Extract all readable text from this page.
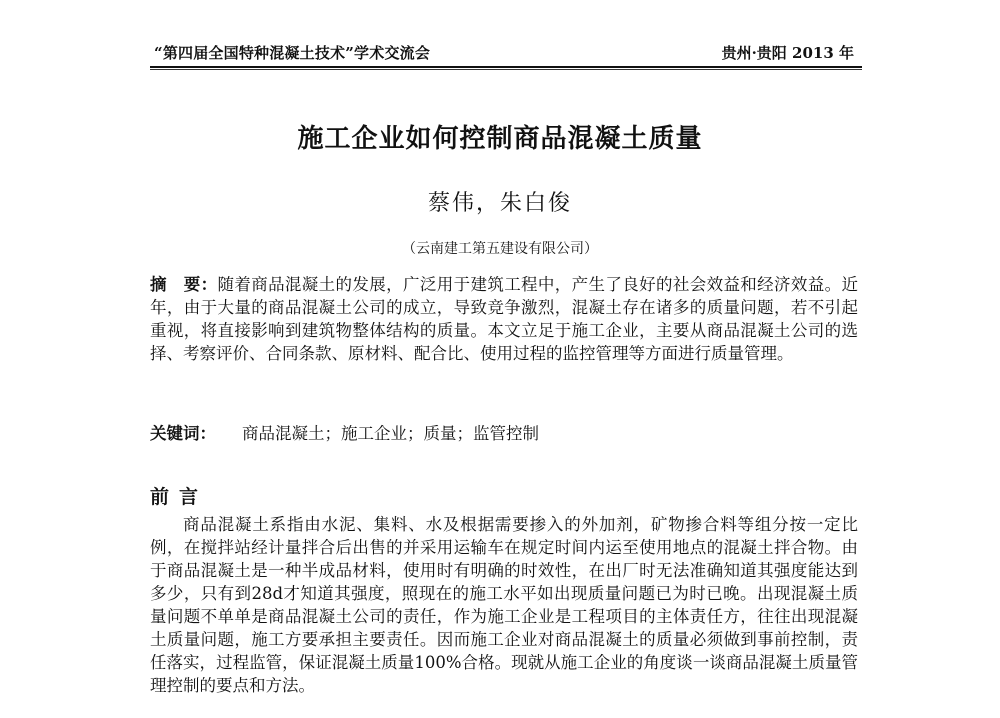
“第四届全国特种混凝土技术”学术交流会	贵州·贵阳 2013 年
施工企业如何控制商品混凝土质量
蔡伟，朱白俊
（云南建工第五建设有限公司）
摘　要：随着商品混凝土的发展，广泛用于建筑工程中，产生了良好的社会效益和经济效益。近年，由于大量的商品混凝土公司的成立，导致竞争激烈，混凝土存在诸多的质量问题，若不引起重视，将直接影响到建筑物整体结构的质量。本文立足于施工企业，主要从商品混凝土公司的选择、考察评价、合同条款、原材料、配合比、使用过程的监控管理等方面进行质量管理。
关键词： 商品混凝土；施工企业；质量；监管控制
前言
商品混凝土系指由水泥、集料、水及根据需要掺入的外加剂，矿物掺合料等组分按一定比例，在搅拌站经计量拌合后出售的并采用运输车在规定时间内运至使用地点的混凝土拌合物。由于商品混凝土是一种半成品材料，使用时有明确的时效性，在出厂时无法准确知道其强度能达到多少，只有到28d才知道其强度，照现在的施工水平如出现质量问题已为时已晚。出现混凝土质量问题不单单是商品混凝土公司的责任，作为施工企业是工程项目的主体责任方，往往出现混凝土质量问题，施工方要承担主要责任。因而施工企业对商品混凝土的质量必须做到事前控制，责任落实，过程监管，保证混凝土质量100%合格。现就从施工企业的角度谈一谈商品混凝土质量管理控制的要点和方法。
